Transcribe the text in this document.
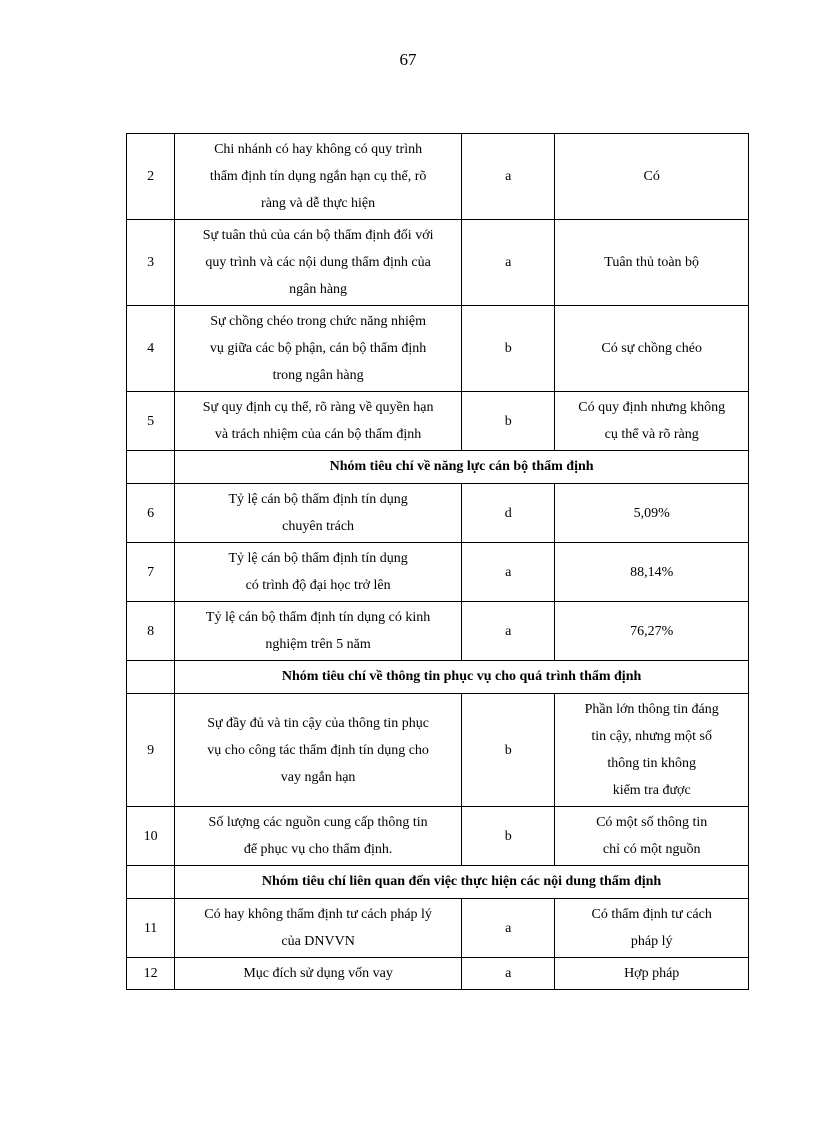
67
2	Chi nhánh có hay không có quy trình
thẩm định tín dụng ngắn hạn cụ thể, rõ
ràng và dễ thực hiện	a	Có

3	Sự tuân thủ của cán bộ thẩm định đối với
quy trình và các nội dung thẩm định của
ngân hàng	a	Tuân thủ toàn bộ

4	Sự chồng chéo trong chức năng nhiệm
vụ giữa các bộ phận, cán bộ thẩm định
trong ngân hàng	b	Có sự chồng chéo

5	Sự quy định cụ thể, rõ ràng về quyền hạn
và trách nhiệm của cán bộ thẩm định	b	Có quy định nhưng không
cụ thể và rõ ràng

	Nhóm tiêu chí về năng lực cán bộ thẩm định		
6	Tỷ lệ cán bộ thẩm định tín dụng
chuyên trách	d	5,09%

7	Tỷ lệ cán bộ thẩm định tín dụng
có trình độ đại học trở lên	a	88,14%

8	Tỷ lệ cán bộ thẩm định tín dụng có kinh
nghiệm trên 5 năm	a	76,27%

	Nhóm tiêu chí về thông tin phục vụ cho quá trình thẩm định		
9	Sự đầy đủ và tin cậy của thông tin phục
vụ cho công tác thẩm định tín dụng cho
vay ngắn hạn	b	Phần lớn thông tin đáng
tin cậy, nhưng một số
thông tin không
kiểm tra được

10	Số lượng các nguồn cung cấp thông tin
để phục vụ cho thẩm định.	b	Có một số thông tin
chỉ có một nguồn

	Nhóm tiêu chí liên quan đến việc thực hiện các nội dung thẩm định		
11	Có hay không thẩm định tư cách pháp lý
của DNVVN	a	Có thẩm định tư cách
pháp lý

12	Mục đích sử dụng vốn vay	a	Hợp pháp
